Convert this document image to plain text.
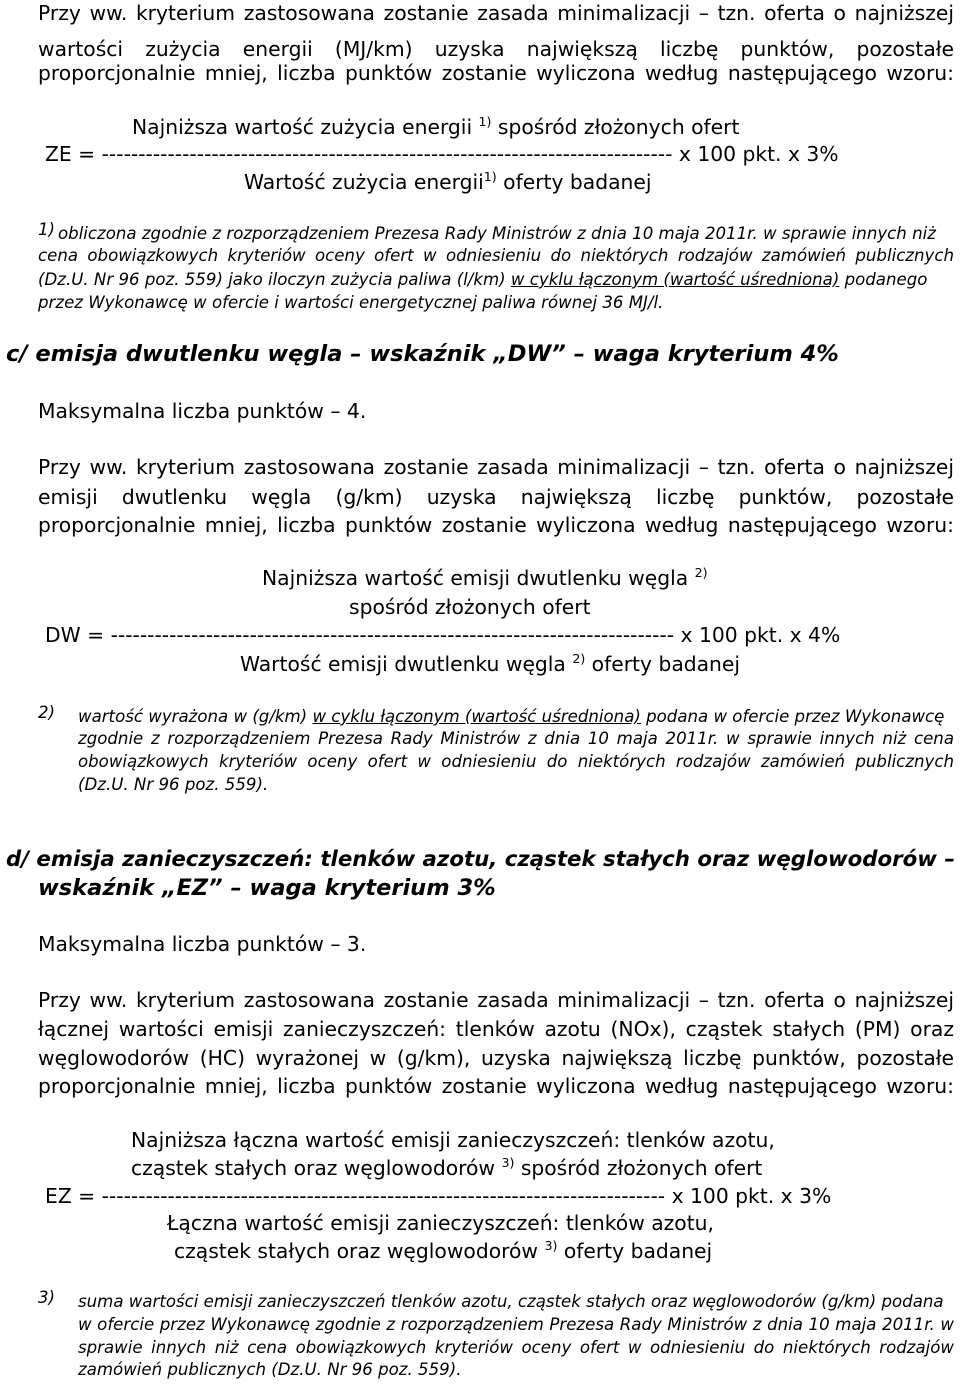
Przy ww. kryterium zastosowana zostanie zasada minimalizacji – tzn. oferta o najniższej
wartości zużycia energii (MJ/km) uzyska największą liczbę punktów, pozostałe
proporcjonalnie mniej, liczba punktów zostanie wyliczona według następującego wzoru:
Najniższa wartość zużycia energii $^{1)}$ spośród złożonych ofert
ZE = ------------------------------------------------------------------------------ x 100 pkt. x 3%
Wartość zużycia energii$^{1)}$ oferty badanej
1) obliczona zgodnie z rozporządzeniem Prezesa Rady Ministrów z dnia 10 maja 2011r. w sprawie innych niż
cena obowiązkowych kryteriów oceny ofert w odniesieniu do niektórych rodzajów zamówień publicznych
(Dz.U. Nr 96 poz. 559) jako iloczyn zużycia paliwa (l/km) w cyklu łączonym (wartość uśredniona) podanego
przez Wykonawcę w ofercie i wartości energetycznej paliwa równej 36 MJ/l.
c/ emisja dwutlenku węgla – wskaźnik „DW” – waga kryterium 4%
Maksymalna liczba punktów – 4.
Przy ww. kryterium zastosowana zostanie zasada minimalizacji – tzn. oferta o najniższej
emisji dwutlenku węgla (g/km) uzyska największą liczbę punktów, pozostałe
proporcjonalnie mniej, liczba punktów zostanie wyliczona według następującego wzoru:
Najniższa wartość emisji dwutlenku węgla $^{2)}$
spośród złożonych ofert
DW = ----------------------------------------------------------------------------- x 100 pkt. x 4%
Wartość emisji dwutlenku węgla $^{2)}$ oferty badanej
2) wartość wyrażona w (g/km) w cyklu łączonym (wartość uśredniona) podana w ofercie przez Wykonawcę
zgodnie z rozporządzeniem Prezesa Rady Ministrów z dnia 10 maja 2011r. w sprawie innych niż cena
obowiązkowych kryteriów oceny ofert w odniesieniu do niektórych rodzajów zamówień publicznych
(Dz.U. Nr 96 poz. 559).
d/ emisja zanieczyszczeń: tlenków azotu, cząstek stałych oraz węglowodorów –
wskaźnik „EZ” – waga kryterium 3%
Maksymalna liczba punktów – 3.
Przy ww. kryterium zastosowana zostanie zasada minimalizacji – tzn. oferta o najniższej
łącznej wartości emisji zanieczyszczeń: tlenków azotu (NOx), cząstek stałych (PM) oraz
węglowodorów (HC) wyrażonej w (g/km), uzyska największą liczbę punktów, pozostałe
proporcjonalnie mniej, liczba punktów zostanie wyliczona według następującego wzoru:
Najniższa łączna wartość emisji zanieczyszczeń: tlenków azotu,
cząstek stałych oraz węglowodorów $^{3)}$ spośród złożonych ofert
EZ = ----------------------------------------------------------------------------- x 100 pkt. x 3%
Łączna wartość emisji zanieczyszczeń: tlenków azotu,
cząstek stałych oraz węglowodorów $^{3)}$ oferty badanej
3) suma wartości emisji zanieczyszczeń tlenków azotu, cząstek stałych oraz węglowodorów (g/km) podana
w ofercie przez Wykonawcę zgodnie z rozporządzeniem Prezesa Rady Ministrów z dnia 10 maja 2011r. w
sprawie innych niż cena obowiązkowych kryteriów oceny ofert w odniesieniu do niektórych rodzajów
zamówień publicznych (Dz.U. Nr 96 poz. 559).
